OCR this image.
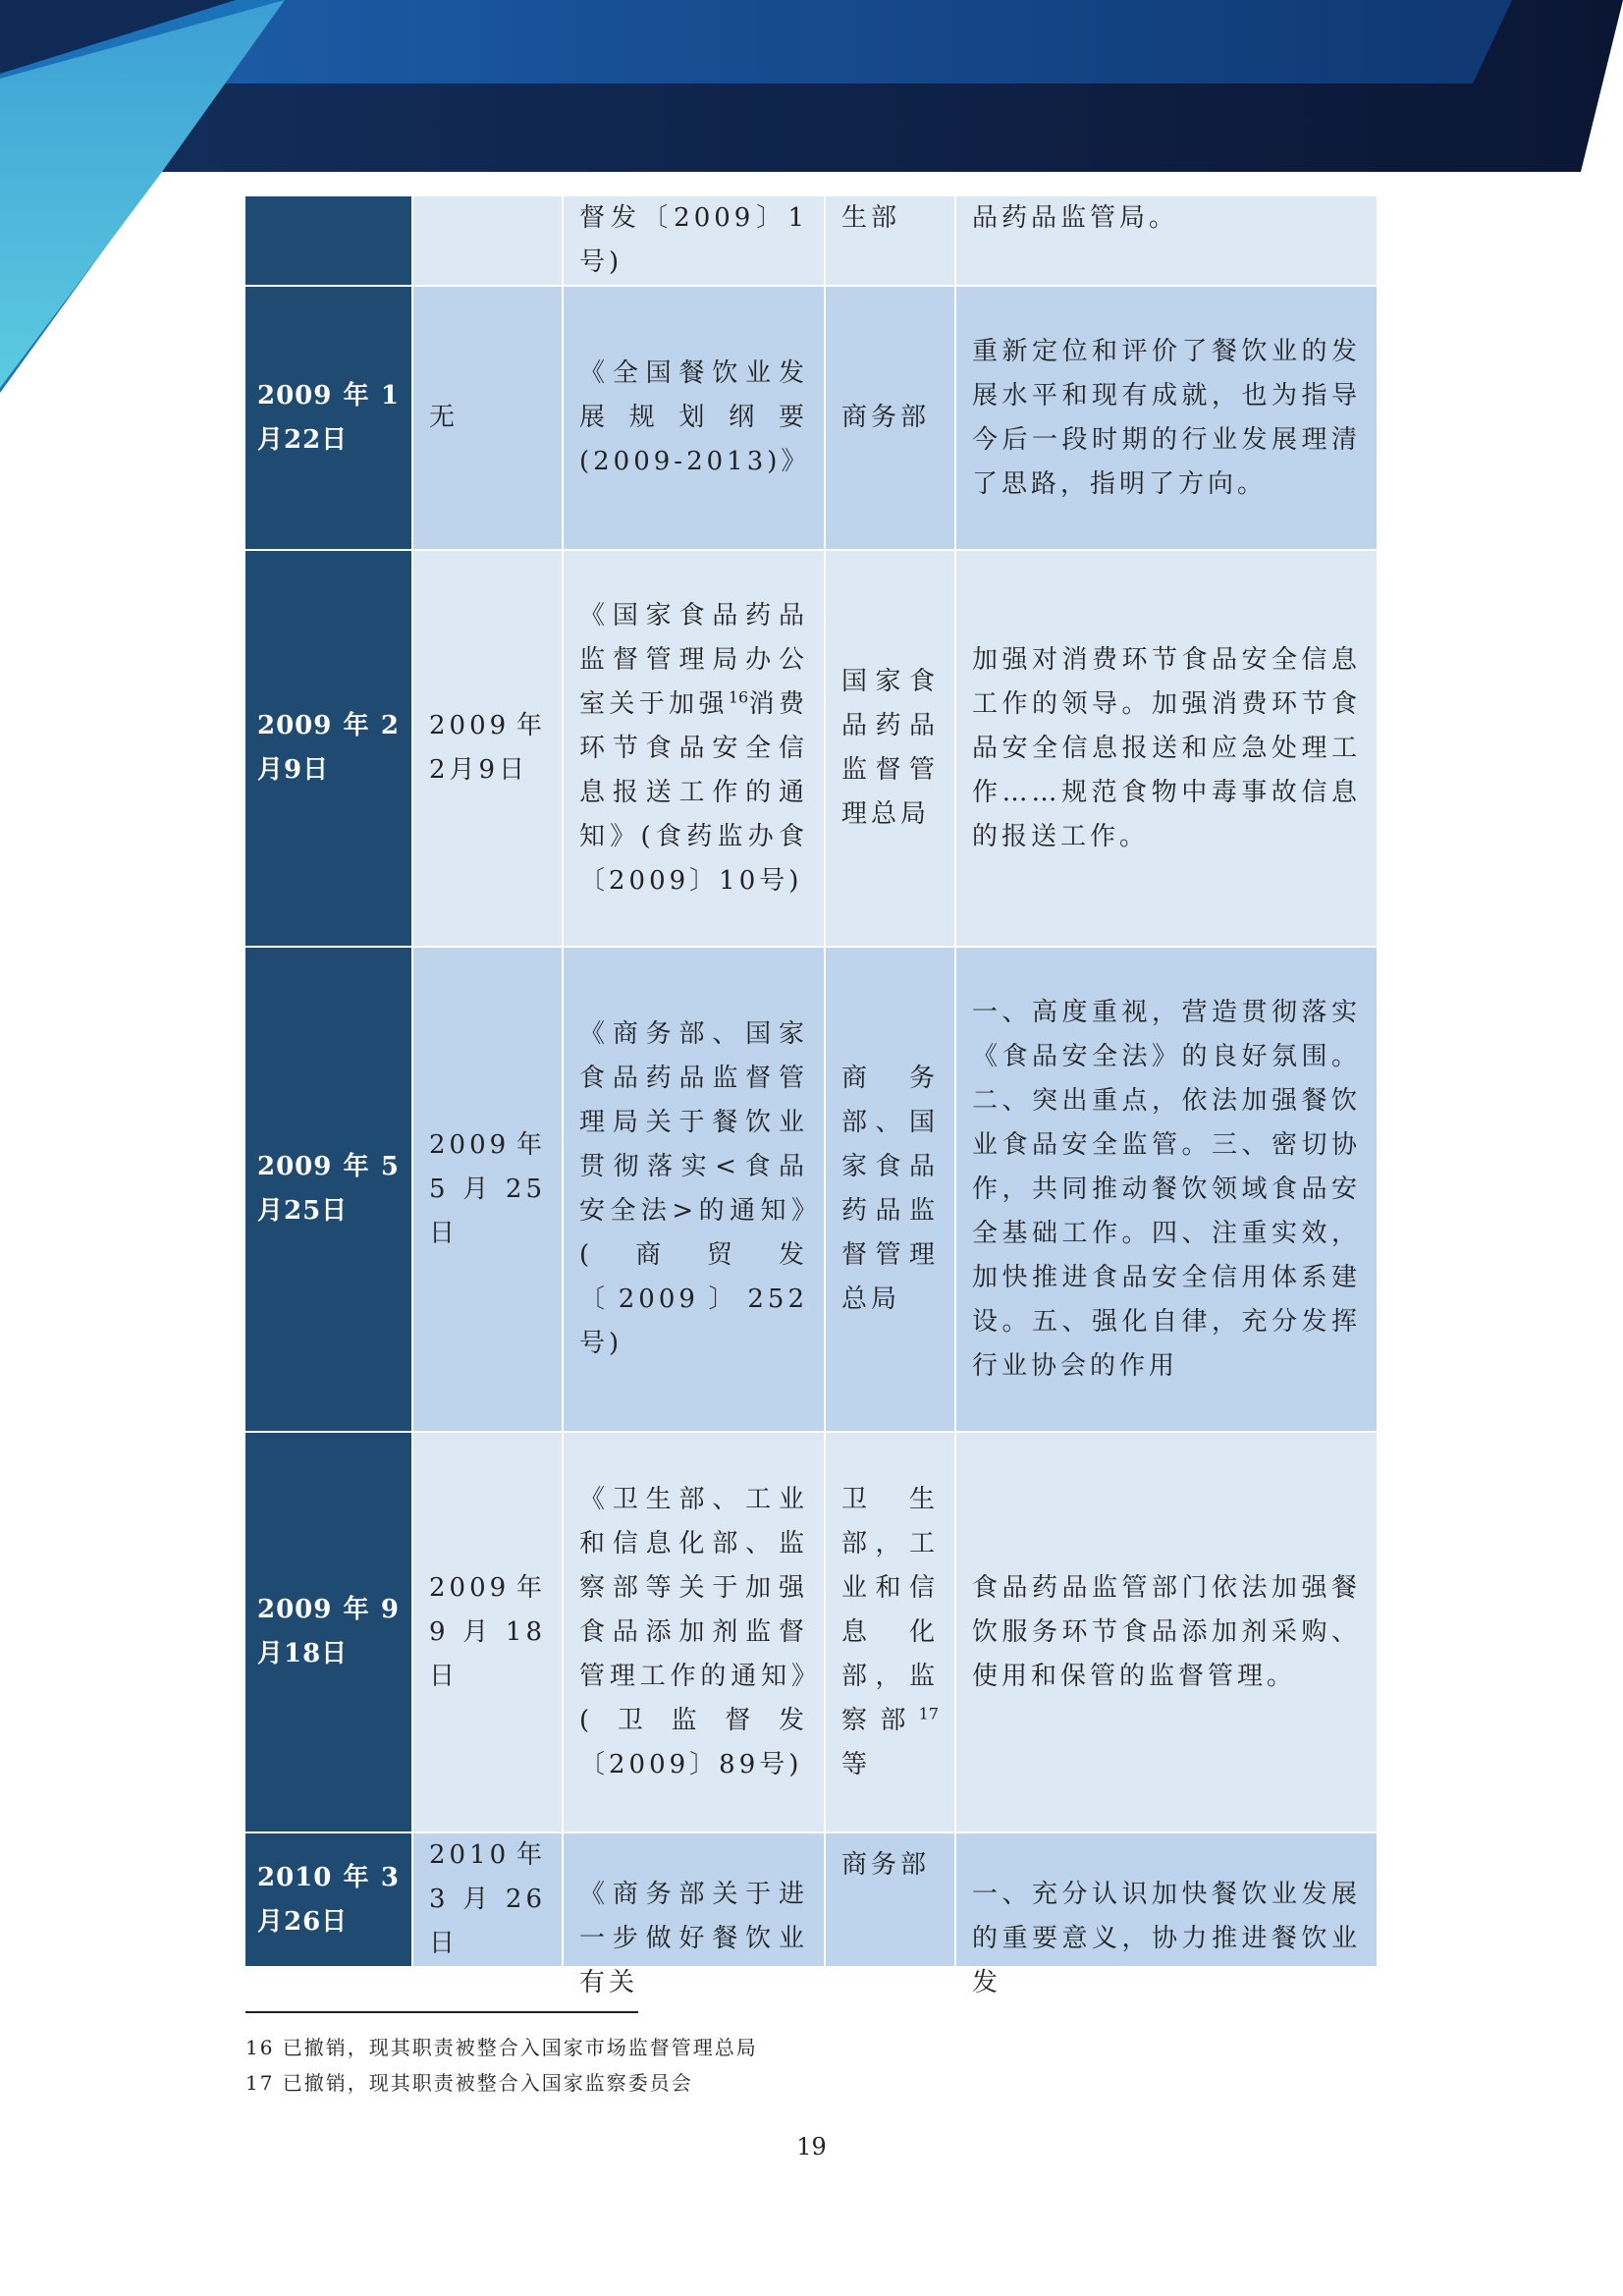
		督发〔2009〕1号)	生部	品药品监管局。
2009年1月22日	无	《全国餐饮业发展规划纲要(2009-2013)》	商务部	重新定位和评价了餐饮业的发展水平和现有成就，也为指导今后一段时期的行业发展理清了思路，指明了方向。
2009年2月9日	2009年2月9日	《国家食品药品监督管理局办公室关于加强$^{16}$消费环节食品安全信息报送工作的通知》(食药监办食〔2009〕10号)	国家食品药品监督管理总局	加强对消费环节食品安全信息工作的领导。加强消费环节食品安全信息报送和应急处理工作……规范食物中毒事故信息的报送工作。
2009年5月25日	2009年5月25日	《商务部、国家食品药品监督管理局关于餐饮业贯彻落实<食品安全法>的通知》(商贸发〔2009〕252号)	商务部、国家食品药品监督管理总局	一、高度重视，营造贯彻落实《食品安全法》的良好氛围。二、突出重点，依法加强餐饮业食品安全监管。三、密切协作，共同推动餐饮领域食品安全基础工作。四、注重实效，加快推进食品安全信用体系建设。五、强化自律，充分发挥行业协会的作用
2009年9月18日	2009年9月18日	《卫生部、工业和信息化部、监察部等关于加强食品添加剂监督管理工作的通知》(卫监督发〔2009〕89号)	卫生部，工业和信息化部，监察部$^{17}$等	食品药品监管部门依法加强餐饮服务环节食品添加剂采购、使用和保管的监督管理。
2010年3月26日	2010年3月26日	《商务部关于进一步做好餐饮业有关	商务部	一、充分认识加快餐饮业发展的重要意义，协力推进餐饮业发
16 已撤销，现其职责被整合入国家市场监督管理总局
17 已撤销，现其职责被整合入国家监察委员会
19
